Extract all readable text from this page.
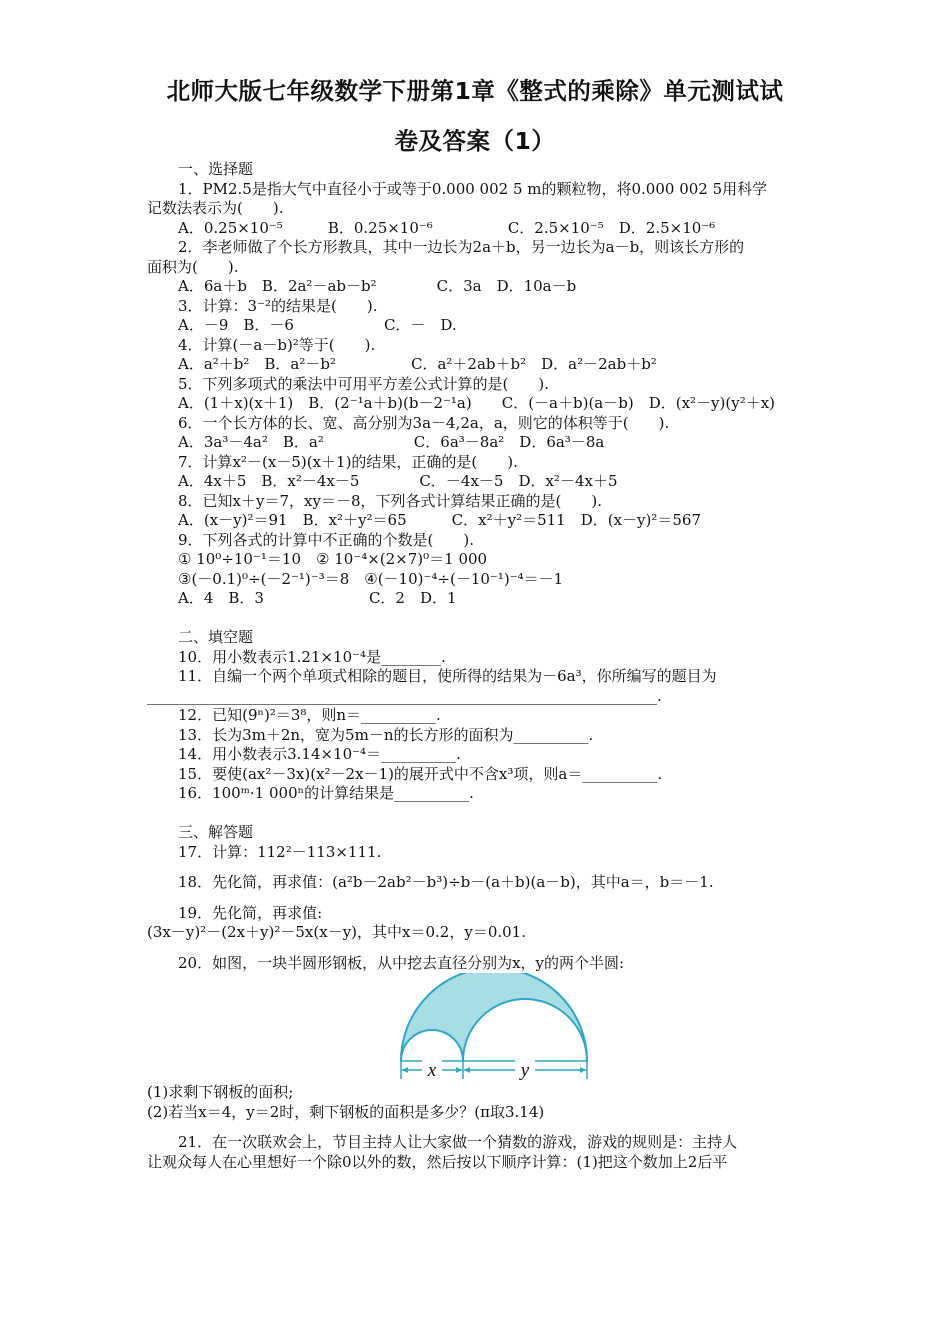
北师大版七年级数学下册第1章《整式的乘除》单元测试试
卷及答案（1）
一、选择题
1．PM2.5是指大气中直径小于或等于0.000 002 5 m的颗粒物，将0.000 002 5用科学
记数法表示为(　　).
A．0.25×10⁻⁵　　　B．0.25×10⁻⁶　　　　　C．2.5×10⁻⁵　D．2.5×10⁻⁶
2．李老师做了个长方形教具，其中一边长为2a＋b，另一边长为a－b，则该长方形的
面积为(　　).
A．6a＋b　B．2a²－ab－b²　　　　C．3a　D．10a－b
3．计算：3⁻²的结果是(　　).
A．－9　B．－6　　　　　　C．－　D.
4．计算(－a－b)²等于(　　).
A．a²＋b²　B．a²－b²　　　　　C．a²＋2ab＋b²　D．a²－2ab＋b²
5．下列多项式的乘法中可用平方差公式计算的是(　　).
A．(1＋x)(x＋1)　B．(2⁻¹a＋b)(b－2⁻¹a)　　C．(－a＋b)(a－b)　D．(x²－y)(y²＋x)
6．一个长方体的长、宽、高分别为3a－4,2a，a，则它的体积等于(　　).
A．3a³－4a²　B．a²　　　　　　C．6a³－8a²　D．6a³－8a
7．计算x²－(x－5)(x＋1)的结果，正确的是(　　).
A．4x＋5　B．x²－4x－5　　　　C．－4x－5　D．x²－4x＋5
8．已知x＋y＝7，xy＝－8，下列各式计算结果正确的是(　　).
A．(x－y)²＝91　B．x²＋y²＝65　　　C．x²＋y²＝511　D．(x－y)²＝567
9．下列各式的计算中不正确的个数是(　　).
① 10⁰÷10⁻¹＝10　② 10⁻⁴×(2×7)⁰＝1 000
③(－0.1)⁰÷(－2⁻¹)⁻³＝8　④(－10)⁻⁴÷(－10⁻¹)⁻⁴＝－1
A．4　B．3　　　　　　　C．2　D．1
二、填空题
10．用小数表示1.21×10⁻⁴是________.
11．自编一个两个单项式相除的题目，使所得的结果为－6a³，你所编写的题目为
____________________________________________________________________.
12．已知(9ⁿ)²＝3⁸，则n＝__________.
13．长为3m＋2n，宽为5m－n的长方形的面积为__________.
14．用小数表示3.14×10⁻⁴＝__________.
15．要使(ax²－3x)(x²－2x－1)的展开式中不含x³项，则a＝__________.
16．100ᵐ·1 000ⁿ的计算结果是__________.
三、解答题
17．计算：112²－113×111.
18．先化简，再求值：(a²b－2ab²－b³)÷b－(a＋b)(a－b)，其中a＝，b＝－1.
19．先化简，再求值:
(3x－y)²－(2x＋y)²－5x(x－y)，其中x＝0.2，y＝0.01.
20．如图，一块半圆形钢板，从中挖去直径分别为x，y的两个半圆:
x	y
(1)求剩下钢板的面积;
(2)若当x＝4，y＝2时，剩下钢板的面积是多少？(π取3.14)
21．在一次联欢会上，节目主持人让大家做一个猜数的游戏，游戏的规则是：主持人
让观众每人在心里想好一个除0以外的数，然后按以下顺序计算：(1)把这个数加上2后平
